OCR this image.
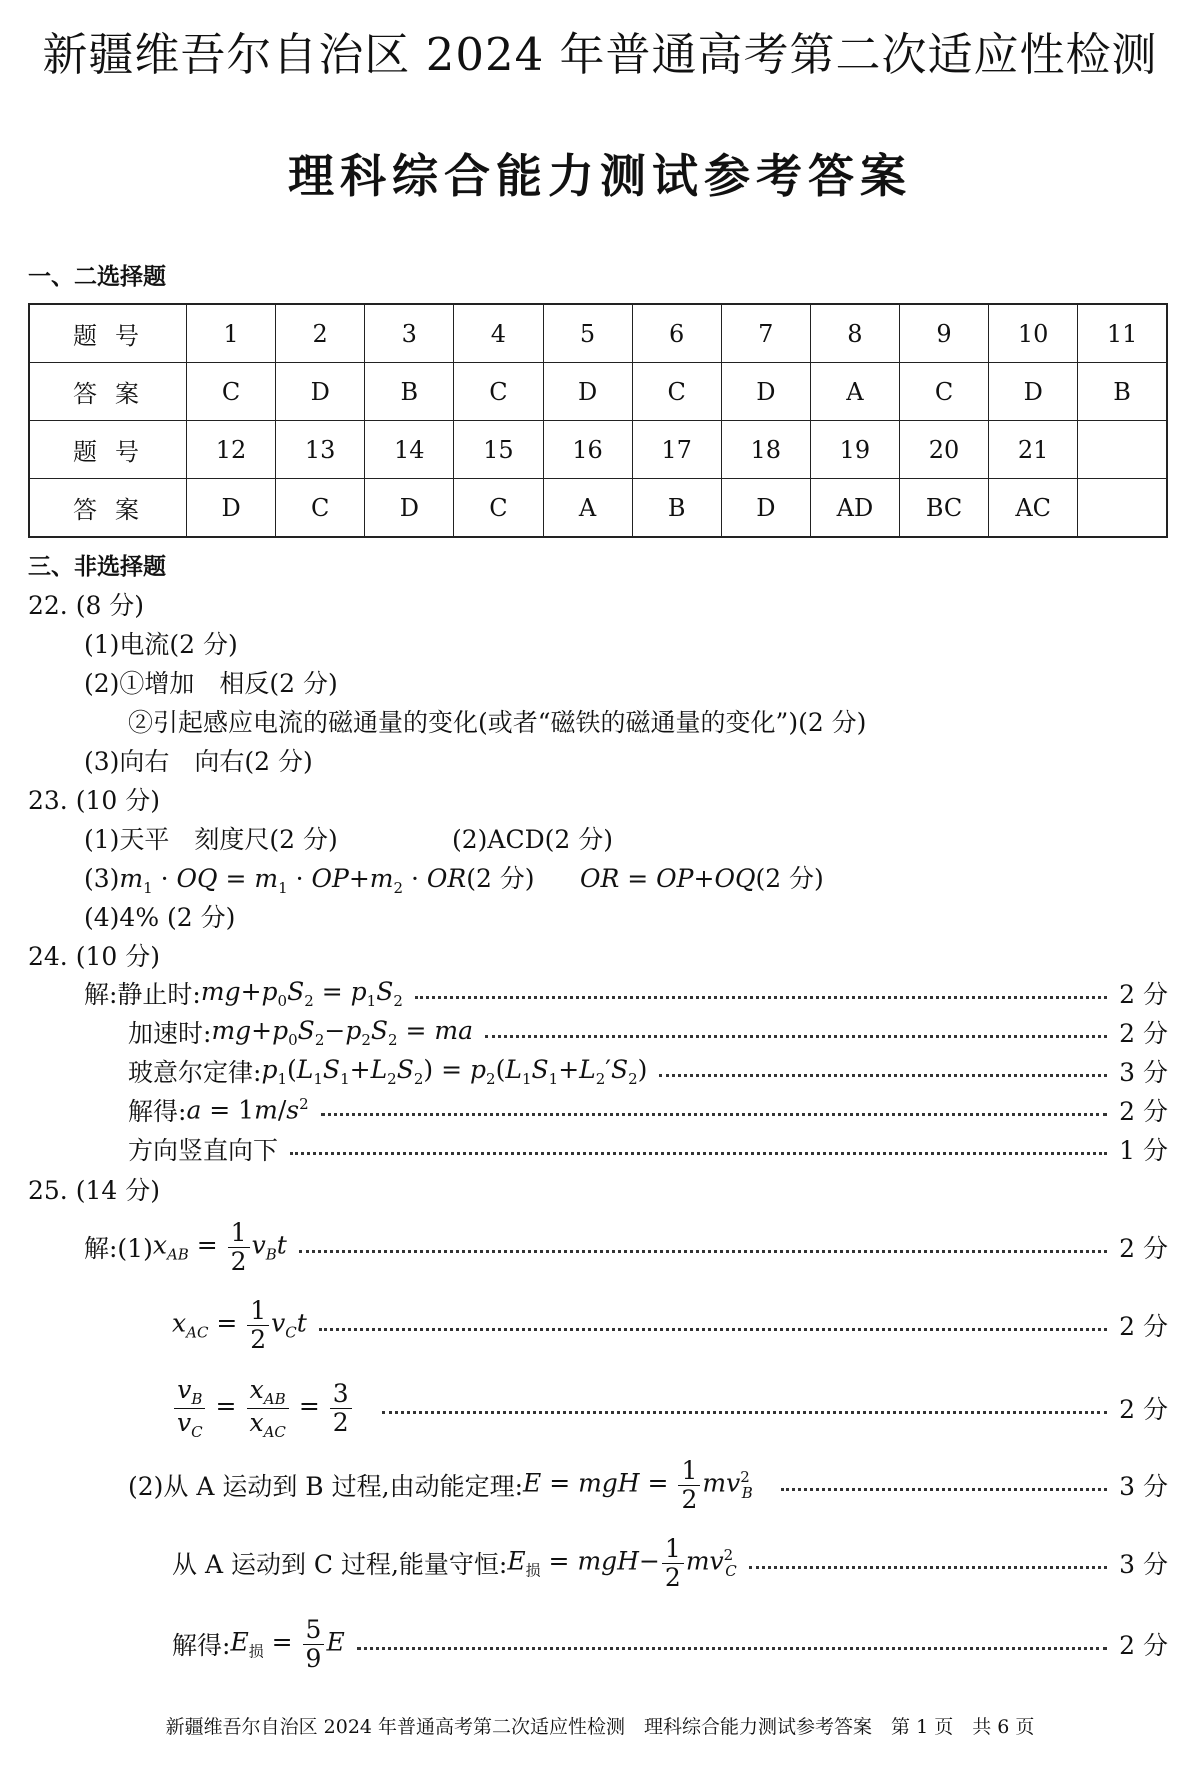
新疆维吾尔自治区 2024 年普通高考第二次适应性检测
理科综合能力测试参考答案
一、二选择题
题号	1	2	3	4	5	6	7	8	9	10	11
答案	C	D	B	C	D	C	D	A	C	D	B
题号	12	13	14	15	16	17	18	19	20	21	
答案	D	C	D	C	A	B	D	AD	BC	AC	
三、非选择题
22. (8 分)
(1)电流(2 分)
(2)①增加　相反(2 分)
②引起感应电流的磁通量的变化(或者“磁铁的磁通量的变化”)(2 分)
(3)向右　向右(2 分)
23. (10 分)
(1)天平　刻度尺(2 分)	(2)ACD(2 分)
$(3)m_1$ · OQ = $m_1 \cdot OP+m_2 \cdot OR(2$ 分) OR = OP+OQ(2 分)
(4)4% (2 分)
24. (10 分)
解:静止时: $mg+p_0S_2 = p_1S_2$	2 分
加速时: $mg+p_0S_2-p_2S_2$ = ma	2 分
玻意尔定律: $p_1(L_1S_1+L_2S_2) = p_2(L_1S_1+L_2'S_2)$	3 分
解得: $a = 1m/s^2$	2 分
方向竖直向下	1 分
25. (14 分)
解:(1) $x_{AB} = \frac{1}{2} v_Bt$	2 分
$x_{AC} = \frac{1}{2} v_Ct$	2 分
$\frac{v_B}{v_C} = \frac{x_{AB}}{x_{AC}} = \frac{3}{2}$	2 分
(2)从 A 运动到 B 过程,由动能定理: E = mgH = $\frac{1}{2} mv^2_B$	3 分
从 A 运动到 C 过程,能量守恒: $E_损 = mgH- \frac{1}{2} mv^2_C$	3 分
解得: $E_损 = \frac{5}{9}$ E	2 分
新疆维吾尔自治区 2024 年普通高考第二次适应性检测　理科综合能力测试参考答案　第 1 页　共 6 页
